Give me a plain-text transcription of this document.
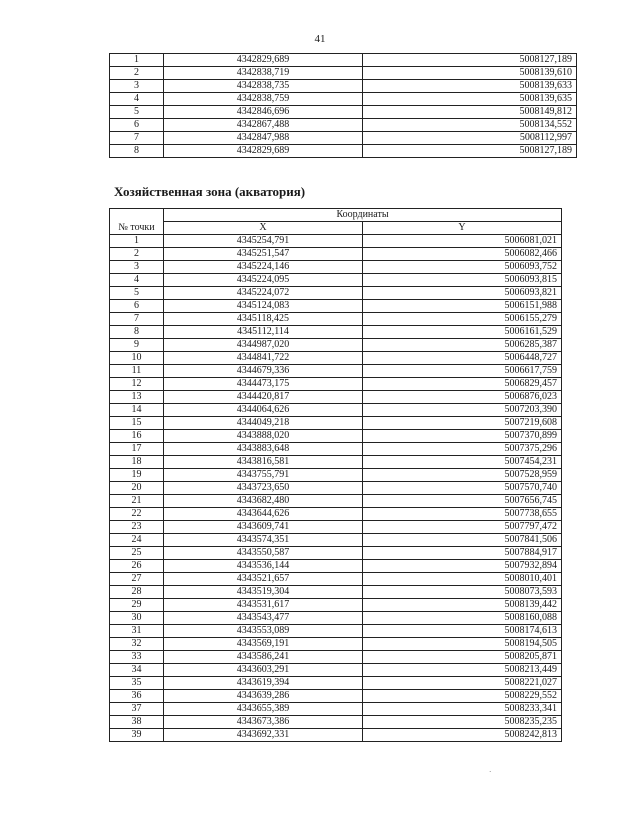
41
1	4342829,689	5008127,189
2	4342838,719	5008139,610
3	4342838,735	5008139,633
4	4342838,759	5008139,635
5	4342846,696	5008149,812
6	4342867,488	5008134,552
7	4342847,988	5008112,997
8	4342829,689	5008127,189
Хозяйственная зона (акватория)
№ точки	Координаты	
	X	Y
1	4345254,791	5006081,021
2	4345251,547	5006082,466
3	4345224,146	5006093,752
4	4345224,095	5006093,815
5	4345224,072	5006093,821
6	4345124,083	5006151,988
7	4345118,425	5006155,279
8	4345112,114	5006161,529
9	4344987,020	5006285,387
10	4344841,722	5006448,727
11	4344679,336	5006617,759
12	4344473,175	5006829,457
13	4344420,817	5006876,023
14	4344064,626	5007203,390
15	4344049,218	5007219,608
16	4343888,020	5007370,899
17	4343883,648	5007375,296
18	4343816,581	5007454,231
19	4343755,791	5007528,959
20	4343723,650	5007570,740
21	4343682,480	5007656,745
22	4343644,626	5007738,655
23	4343609,741	5007797,472
24	4343574,351	5007841,506
25	4343550,587	5007884,917
26	4343536,144	5007932,894
27	4343521,657	5008010,401
28	4343519,304	5008073,593
29	4343531,617	5008139,442
30	4343543,477	5008160,088
31	4343553,089	5008174,613
32	4343569,191	5008194,505
33	4343586,241	5008205,871
34	4343603,291	5008213,449
35	4343619,394	5008221,027
36	4343639,286	5008229,552
37	4343655,389	5008233,341
38	4343673,386	5008235,235
39	4343692,331	5008242,813
·
